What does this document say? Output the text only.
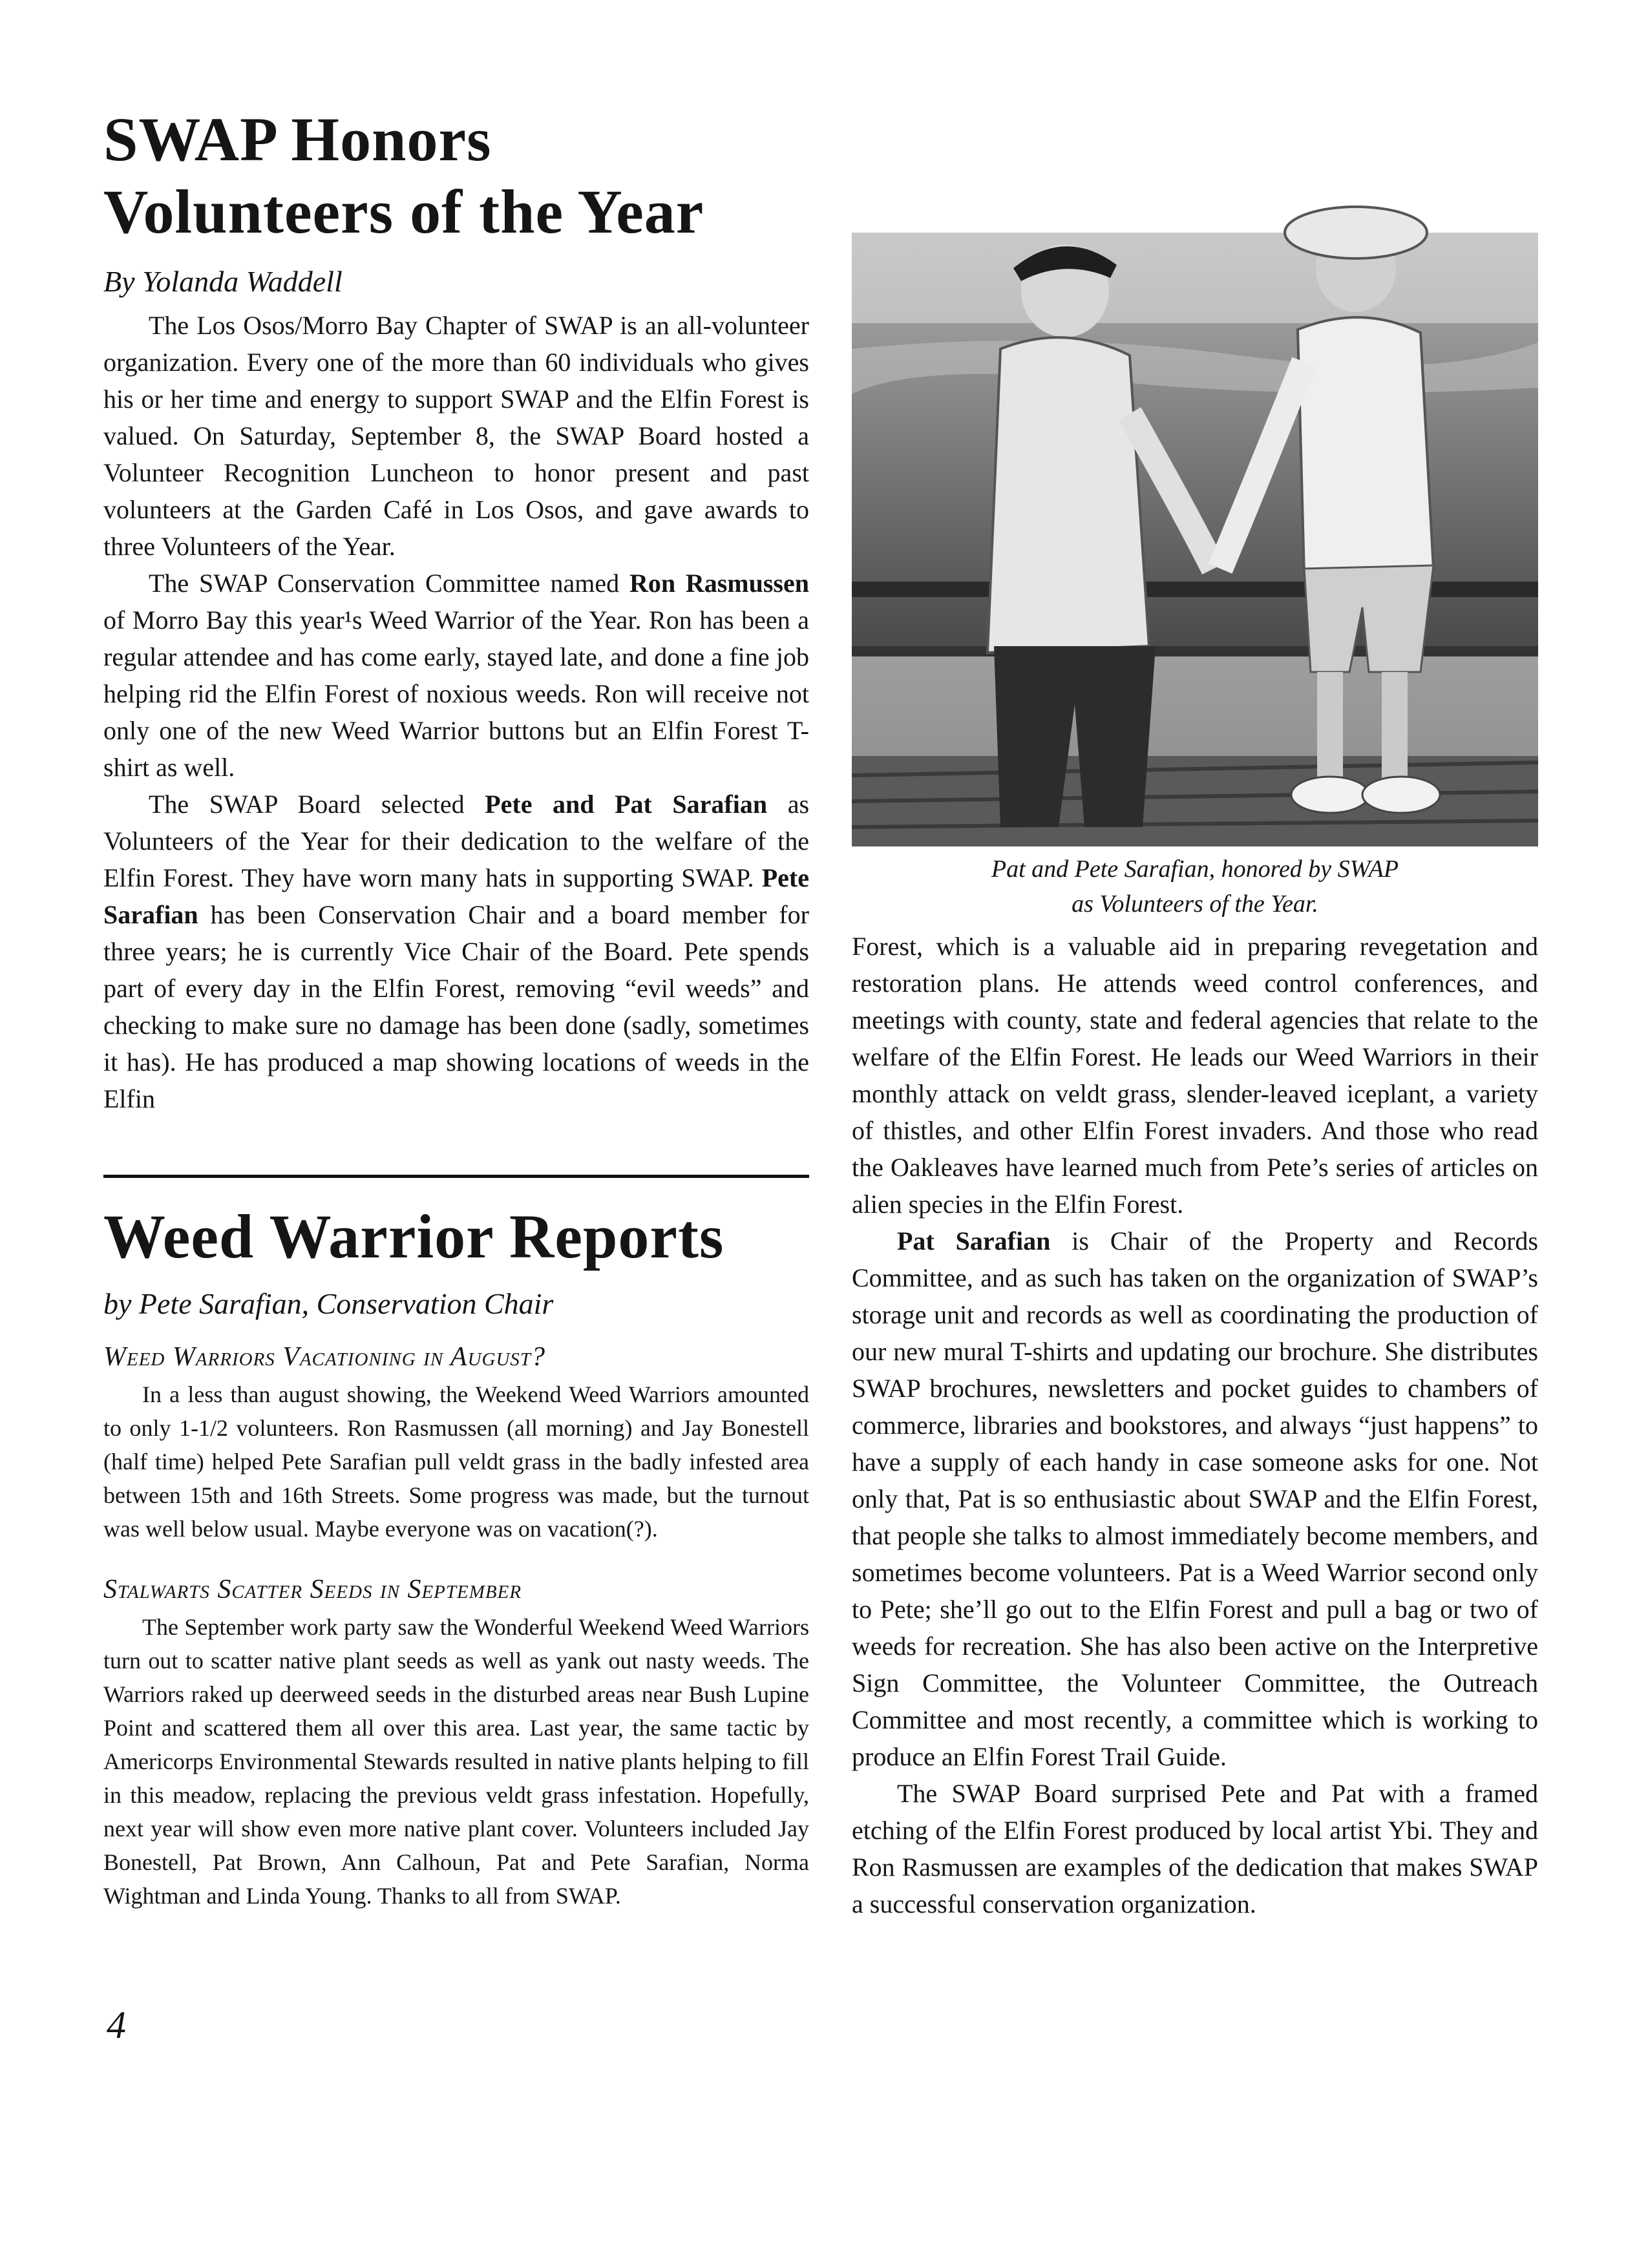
SWAP Honors
Volunteers of the Year
By Yolanda Waddell

The Los Osos/Morro Bay Chapter of SWAP is an all-volunteer organization. Every one of the more than 60 individuals who gives his or her time and energy to support SWAP and the Elfin Forest is valued. On Saturday, September 8, the SWAP Board hosted a Volunteer Recognition Luncheon to honor present and past volunteers at the Garden Café in Los Osos, and gave awards to three Volunteers of the Year.

The SWAP Conservation Committee named Ron Rasmussen of Morro Bay this year¹s Weed Warrior of the Year. Ron has been a regular attendee and has come early, stayed late, and done a fine job helping rid the Elfin Forest of noxious weeds. Ron will receive not only one of the new Weed Warrior buttons but an Elfin Forest T- shirt as well.

The SWAP Board selected Pete and Pat Sarafian as Volunteers of the Year for their dedication to the welfare of the Elfin Forest. They have worn many hats in supporting SWAP. Pete Sarafian has been Conservation Chair and a board member for three years; he is currently Vice Chair of the Board. Pete spends part of every day in the Elfin Forest, removing “evil weeds” and checking to make sure no damage has been done (sadly, sometimes it has). He has produced a map showing locations of weeds in the Elfin

Pat and Pete Sarafian, honored by SWAP
as Volunteers of the Year.

Forest, which is a valuable aid in preparing revegetation and restoration plans. He attends weed control conferences, and meetings with county, state and federal agencies that relate to the welfare of the Elfin Forest. He leads our Weed Warriors in their monthly attack on veldt grass, slender-leaved iceplant, a variety of thistles, and other Elfin Forest invaders. And those who read the Oakleaves have learned much from Pete’s series of articles on alien species in the Elfin Forest.

Pat Sarafian is Chair of the Property and Records Committee, and as such has taken on the organization of SWAP’s storage unit and records as well as coordinating the production of our new mural T-shirts and updating our brochure. She distributes SWAP brochures, newsletters and pocket guides to chambers of commerce, libraries and bookstores, and always “just happens” to have a supply of each handy in case someone asks for one. Not only that, Pat is so enthusiastic about SWAP and the Elfin Forest, that people she talks to almost immediately become members, and sometimes become volunteers. Pat is a Weed Warrior second only to Pete; she’ll go out to the Elfin Forest and pull a bag or two of weeds for recreation. She has also been active on the Interpretive Sign Committee, the Volunteer Committee, the Outreach Committee and most recently, a committee which is working to produce an Elfin Forest Trail Guide.

The SWAP Board surprised Pete and Pat with a framed etching of the Elfin Forest produced by local artist Ybi. They and Ron Rasmussen are examples of the dedication that makes SWAP a successful conservation organization.

Weed Warrior Reports
by Pete Sarafian, Conservation Chair
Weed Warriors Vacationing in August?

In a less than august showing, the Weekend Weed Warriors amounted to only 1-1/2 volunteers. Ron Rasmussen (all morning) and Jay Bonestell (half time) helped Pete Sarafian pull veldt grass in the badly infested area between 15th and 16th Streets. Some progress was made, but the turnout was well below usual. Maybe everyone was on vacation(?).

Stalwarts Scatter Seeds in September

The September work party saw the Wonderful Weekend Weed Warriors turn out to scatter native plant seeds as well as yank out nasty weeds. The Warriors raked up deerweed seeds in the disturbed areas near Bush Lupine Point and scattered them all over this area. Last year, the same tactic by Americorps Environmental Stewards resulted in native plants helping to fill in this meadow, replacing the previous veldt grass infestation. Hopefully, next year will show even more native plant cover. Volunteers included Jay Bonestell, Pat Brown, Ann Calhoun, Pat and Pete Sarafian, Norma Wightman and Linda Young. Thanks to all from SWAP.

4
